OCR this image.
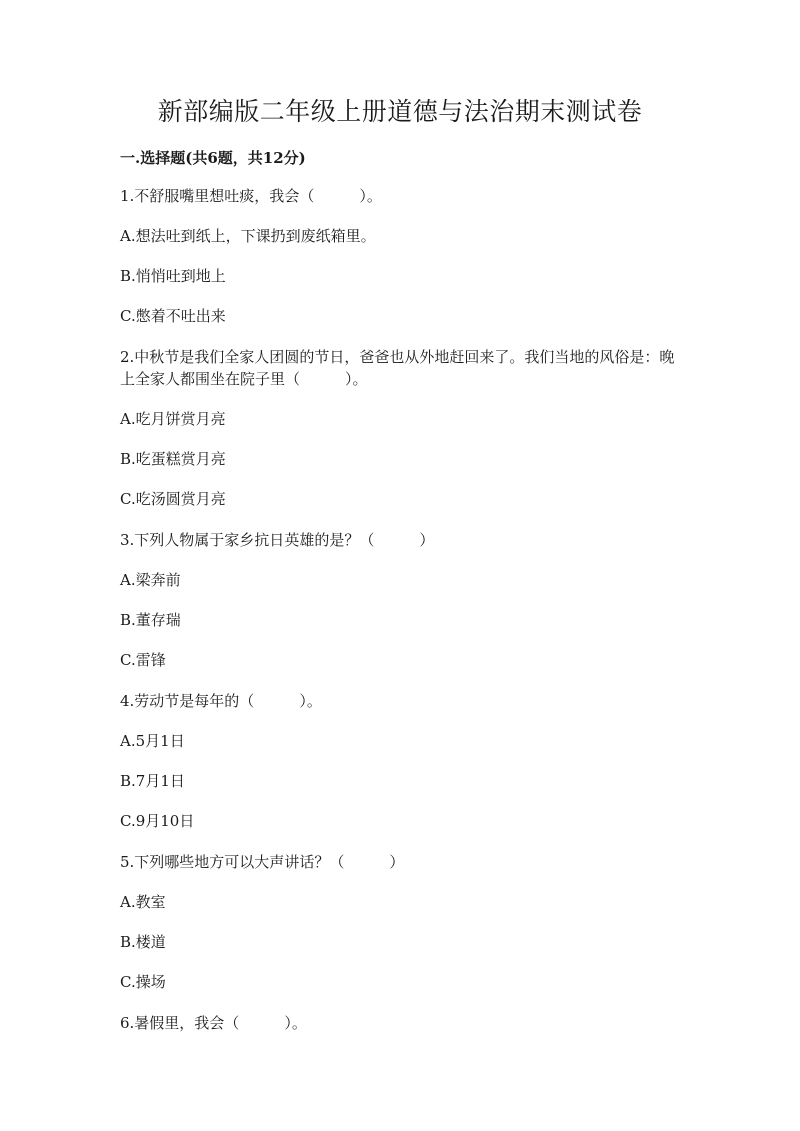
新部编版二年级上册道德与法治期末测试卷
一.选择题(共6题，共12分)
1.不舒服嘴里想吐痰，我会（　　　）。
A.想法吐到纸上，下课扔到废纸箱里。
B.悄悄吐到地上
C.憋着不吐出来
2.中秋节是我们全家人团圆的节日，爸爸也从外地赶回来了。我们当地的风俗是：晚上全家人都围坐在院子里（　　　）。
A.吃月饼赏月亮
B.吃蛋糕赏月亮
C.吃汤圆赏月亮
3.下列人物属于家乡抗日英雄的是？（　　　）
A.梁奔前
B.董存瑞
C.雷锋
4.劳动节是每年的（　　　）。
A.5月1日
B.7月1日
C.9月10日
5.下列哪些地方可以大声讲话？（　　　）
A.教室
B.楼道
C.操场
6.暑假里，我会（　　　）。
